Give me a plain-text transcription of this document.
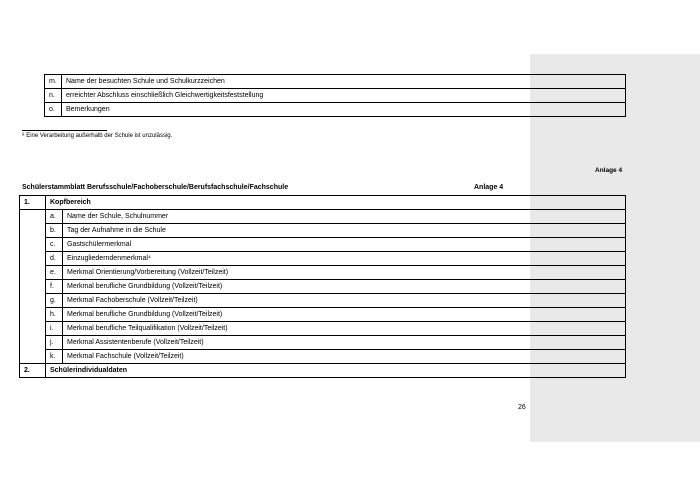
m.	Name der besuchten Schule und Schulkurzzeichen
n.	erreichter Abschluss einschließlich Gleichwertigkeitsfeststellung
o.	Bemerkungen
⁸ Eine Verarbeitung außerhalb der Schule ist unzulässig.
Anlage 4
Schülerstammblatt Berufsschule/Fachoberschule/Berufsfachschule/Fachschule	Anlage 4
1.	Kopfbereich	
	a.	Name der Schule, Schulnummer
	b.	Tag der Aufnahme in die Schule
	c.	Gastschülermerkmal
	d.	Einzugliederndenmerkmal⁴
	e.	Merkmal Orientierung/Vorbereitung (Vollzeit/Teilzeit)
	f.	Merkmal berufliche Grundbildung (Vollzeit/Teilzeit)
	g.	Merkmal Fachoberschule (Vollzeit/Teilzeit)
	h.	Merkmal berufliche Grundbildung (Vollzeit/Teilzeit)
	i.	Merkmal berufliche Teilqualifikation (Vollzeit/Teilzeit)
	j.	Merkmal Assistentenberufe (Vollzeit/Teilzeit)
	k.	Merkmal Fachschule (Vollzeit/Teilzeit)
2.	Schülerindividualdaten	
26
